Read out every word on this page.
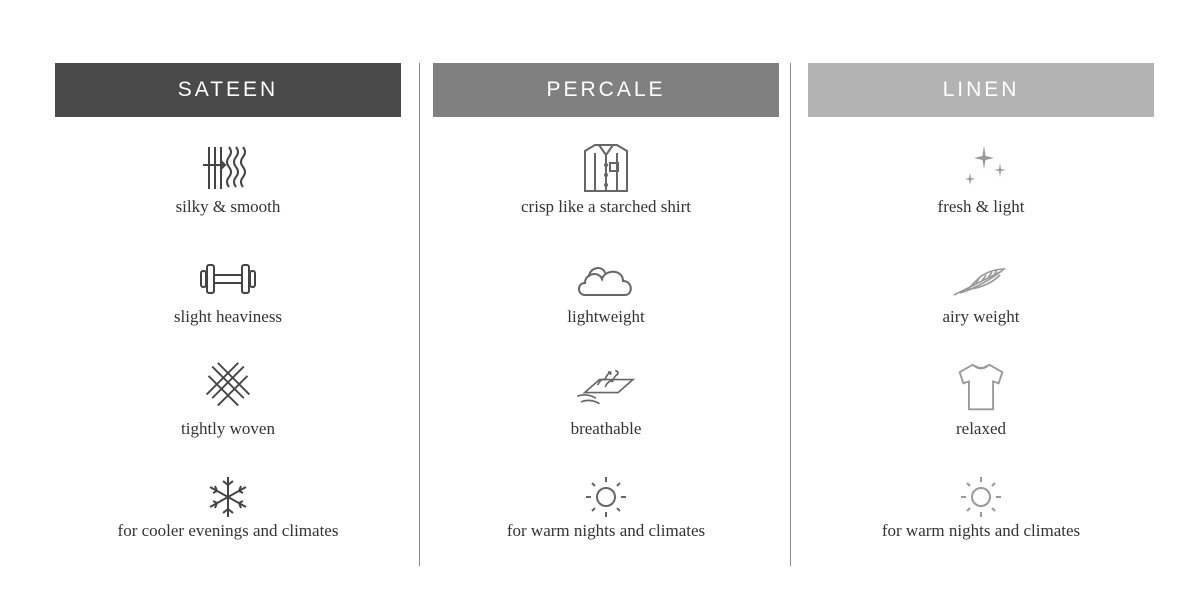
SATEEN
silky & smooth
slight heaviness
tightly woven
for cooler evenings and climates
PERCALE
crisp like a starched shirt
lightweight
breathable
for warm nights and climates
LINEN
fresh & light
airy weight
relaxed
for warm nights and climates
